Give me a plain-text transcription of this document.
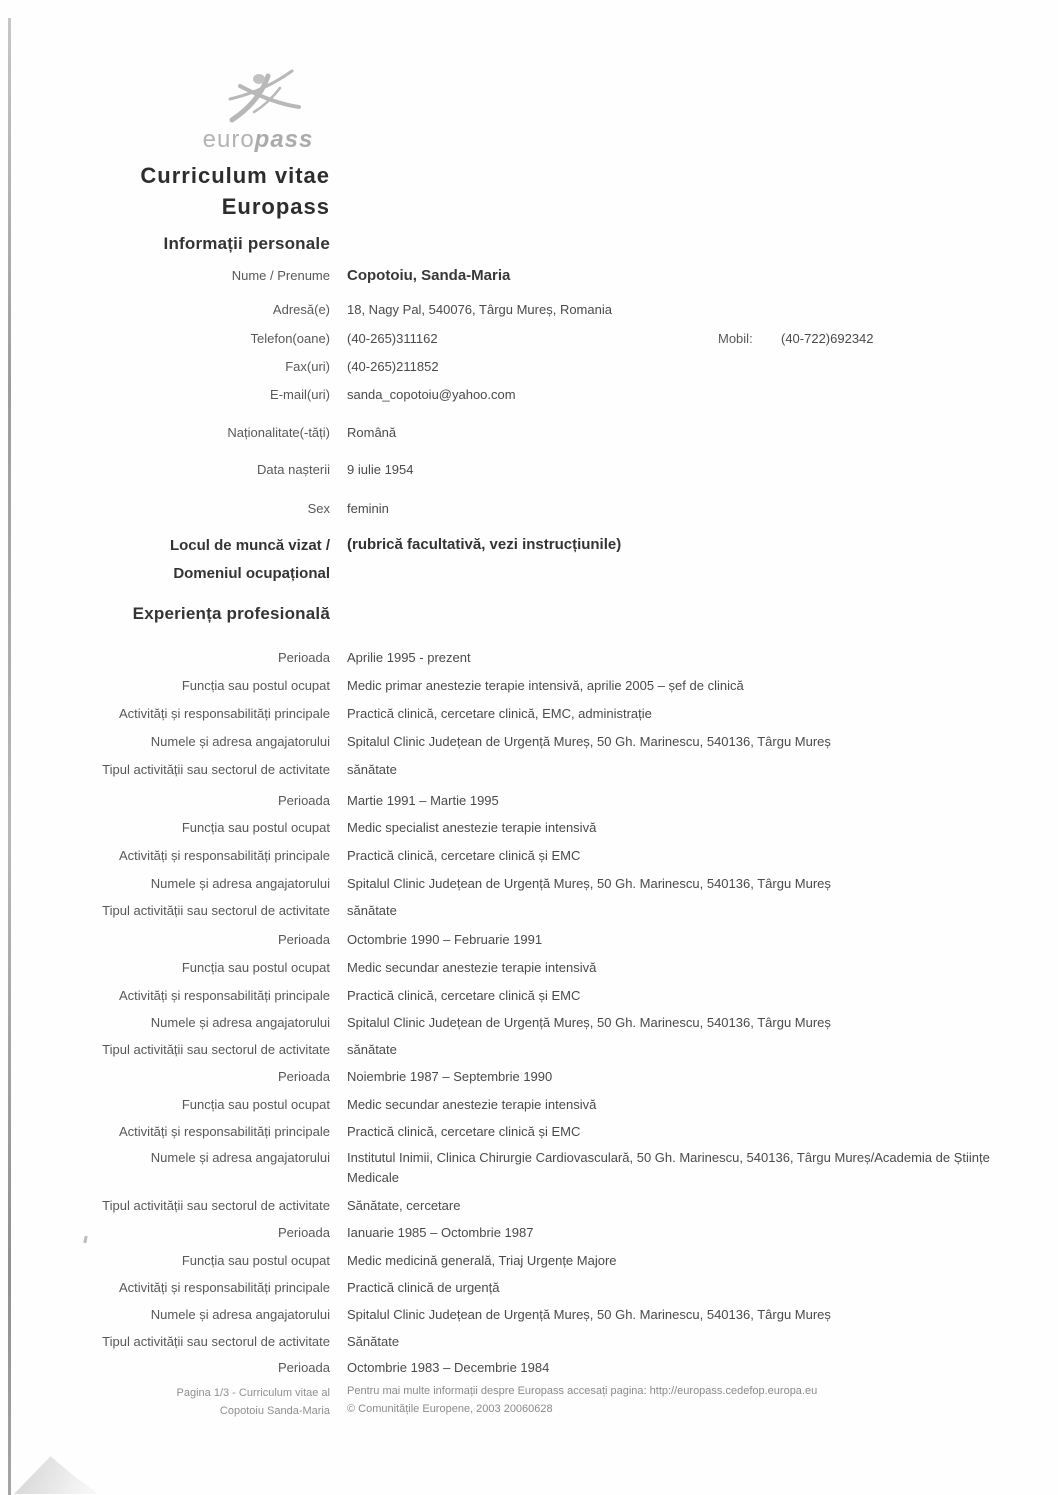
europass
Curriculum vitae
Europass
Informații personale
Nume / Prenume Copotoiu, Sanda-Maria
Adresă(e) 18, Nagy Pal, 540076, Târgu Mureș, Romania
Telefon(oane) (40-265)311162	Mobil: (40-722)692342
Fax(uri) (40-265)211852
E-mail(uri) sanda_copotoiu@yahoo.com
Naționalitate(-tăți) Română
Data nașterii 9 iulie 1954
Sex feminin
Locul de muncă vizat /
Domeniul ocupațional
(rubrică facultativă, vezi instrucțiunile)
Experiența profesională
Perioada Aprilie 1995 - prezent
Funcția sau postul ocupat Medic primar anestezie terapie intensivă, aprilie 2005 – șef de clinică
Activități și responsabilități principale Practică clinică, cercetare clinică, EMC, administrație
Numele și adresa angajatorului Spitalul Clinic Județean de Urgență Mureș, 50 Gh. Marinescu, 540136, Târgu Mureș
Tipul activității sau sectorul de activitate sănătate
Perioada Martie 1991 – Martie 1995
Funcția sau postul ocupat Medic specialist anestezie terapie intensivă
Activități și responsabilități principale Practică clinică, cercetare clinică și EMC
Numele și adresa angajatorului Spitalul Clinic Județean de Urgență Mureș, 50 Gh. Marinescu, 540136, Târgu Mureș
Tipul activității sau sectorul de activitate sănătate
Perioada Octombrie 1990 – Februarie 1991
Funcția sau postul ocupat Medic secundar anestezie terapie intensivă
Activități și responsabilități principale Practică clinică, cercetare clinică și EMC
Numele și adresa angajatorului Spitalul Clinic Județean de Urgență Mureș, 50 Gh. Marinescu, 540136, Târgu Mureș
Tipul activității sau sectorul de activitate sănătate
Perioada Noiembrie 1987 – Septembrie 1990
Funcția sau postul ocupat Medic secundar anestezie terapie intensivă
Activități și responsabilități principale Practică clinică, cercetare clinică și EMC
Numele și adresa angajatorului Institutul Inimii, Clinica Chirurgie Cardiovasculară, 50 Gh. Marinescu, 540136, Târgu Mureș/Academia de Științe Medicale
Tipul activității sau sectorul de activitate Sănătate, cercetare
Perioada Ianuarie 1985 – Octombrie 1987
Funcția sau postul ocupat Medic medicină generală, Triaj Urgențe Majore
Activități și responsabilități principale Practică clinică de urgență
Numele și adresa angajatorului Spitalul Clinic Județean de Urgență Mureș, 50 Gh. Marinescu, 540136, Târgu Mureș
Tipul activității sau sectorul de activitate Sănătate
Perioada Octombrie 1983 – Decembrie 1984
Pagina 1/3 - Curriculum vitae al
Copotoiu Sanda-Maria
Pentru mai multe informații despre Europass accesați pagina: http://europass.cedefop.europa.eu
© Comunitățile Europene, 2003 20060628
